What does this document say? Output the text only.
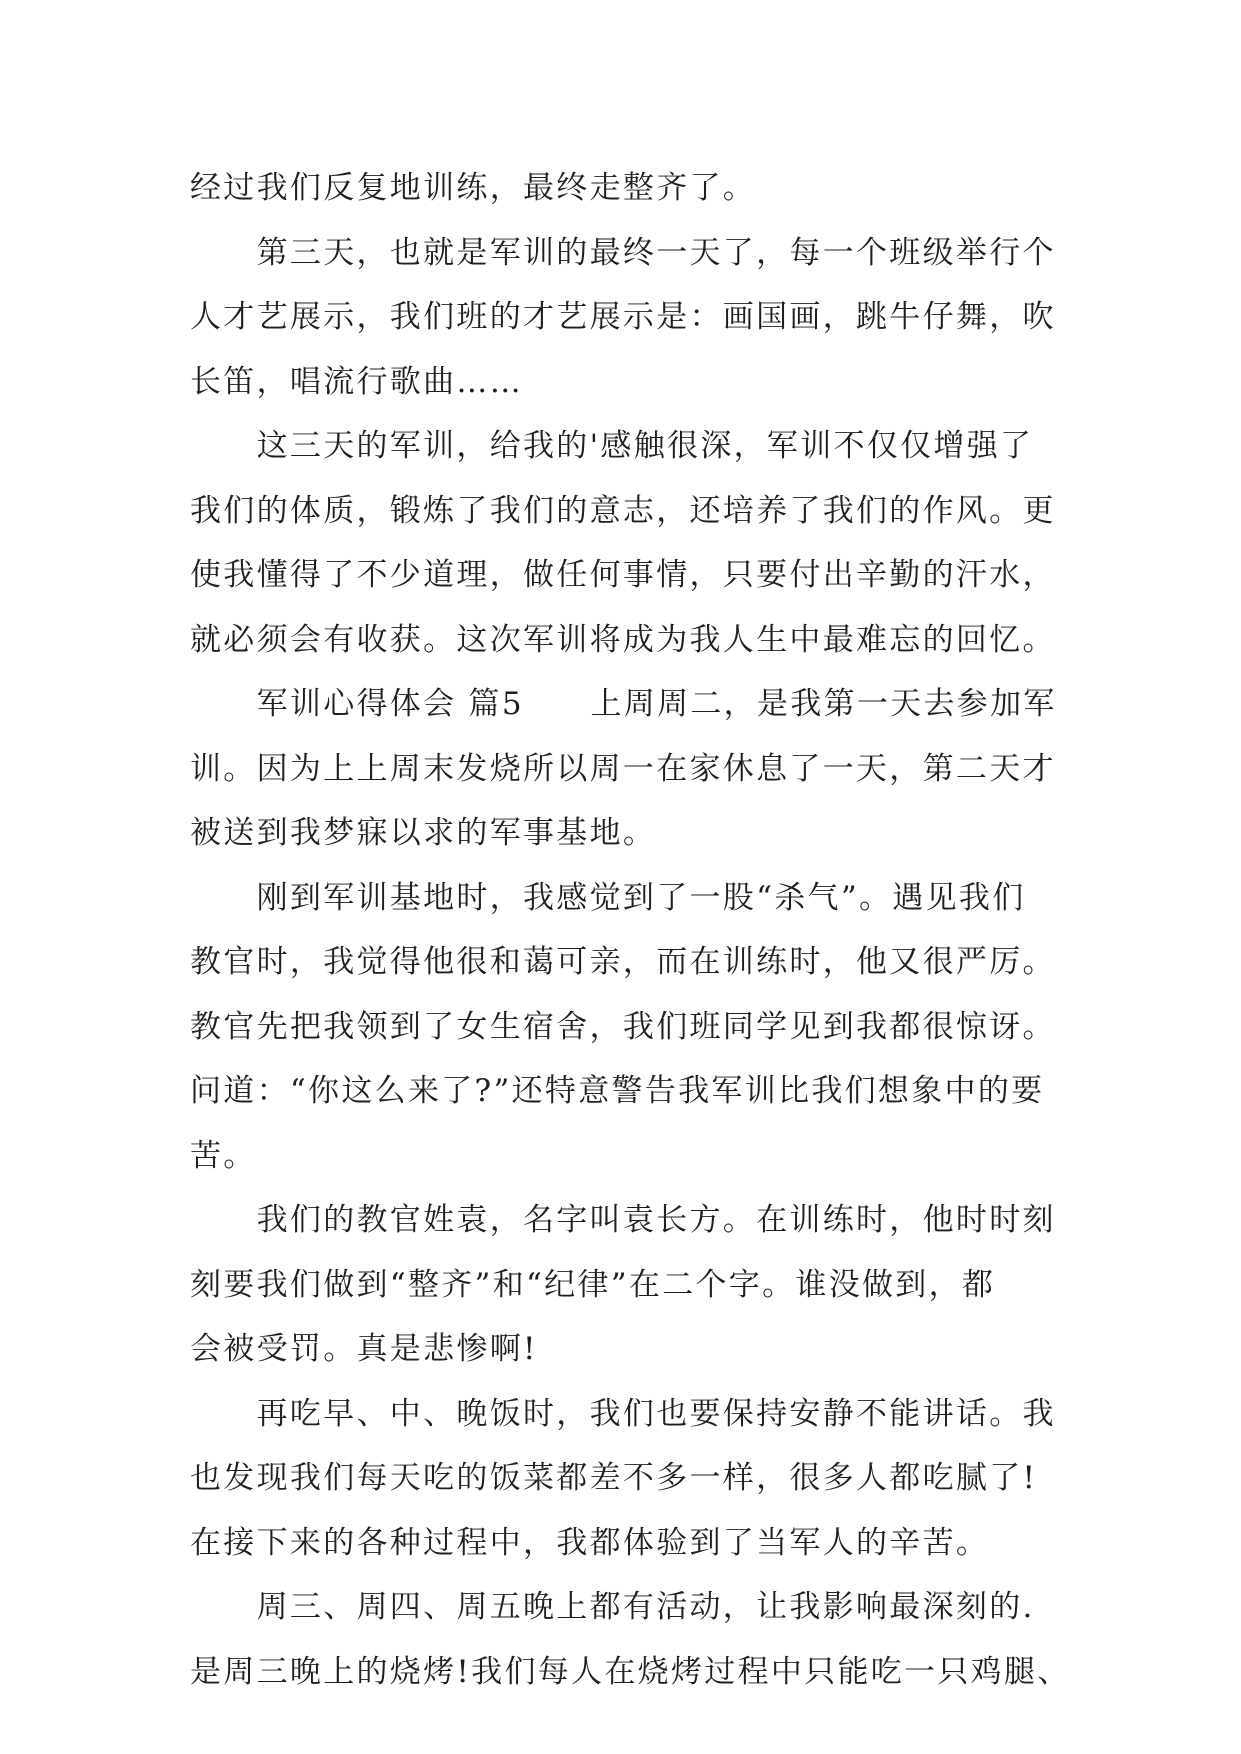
经过我们反复地训练，最终走整齐了。
　　第三天，也就是军训的最终一天了，每一个班级举行个
人才艺展示，我们班的才艺展示是：画国画，跳牛仔舞，吹
长笛，唱流行歌曲……
　　这三天的军训，给我的'感触很深，军训不仅仅增强了
我们的体质，锻炼了我们的意志，还培养了我们的作风。更
使我懂得了不少道理，做任何事情，只要付出辛勤的汗水，
就必须会有收获。这次军训将成为我人生中最难忘的回忆。
　　军训心得体会 篇5　　上周周二，是我第一天去参加军
训。因为上上周末发烧所以周一在家休息了一天，第二天才
被送到我梦寐以求的军事基地。
　　刚到军训基地时，我感觉到了一股“杀气”。遇见我们
教官时，我觉得他很和蔼可亲，而在训练时，他又很严厉。
教官先把我领到了女生宿舍，我们班同学见到我都很惊讶。
问道：“你这么来了?”还特意警告我军训比我们想象中的要
苦。
　　我们的教官姓袁，名字叫袁长方。在训练时，他时时刻
刻要我们做到“整齐”和“纪律”在二个字。谁没做到，都
会被受罚。真是悲惨啊!
　　再吃早、中、晚饭时，我们也要保持安静不能讲话。我
也发现我们每天吃的饭菜都差不多一样，很多人都吃腻了!
在接下来的各种过程中，我都体验到了当军人的辛苦。
　　周三、周四、周五晚上都有活动，让我影响最深刻的.
是周三晚上的烧烤!我们每人在烧烤过程中只能吃一只鸡腿、
